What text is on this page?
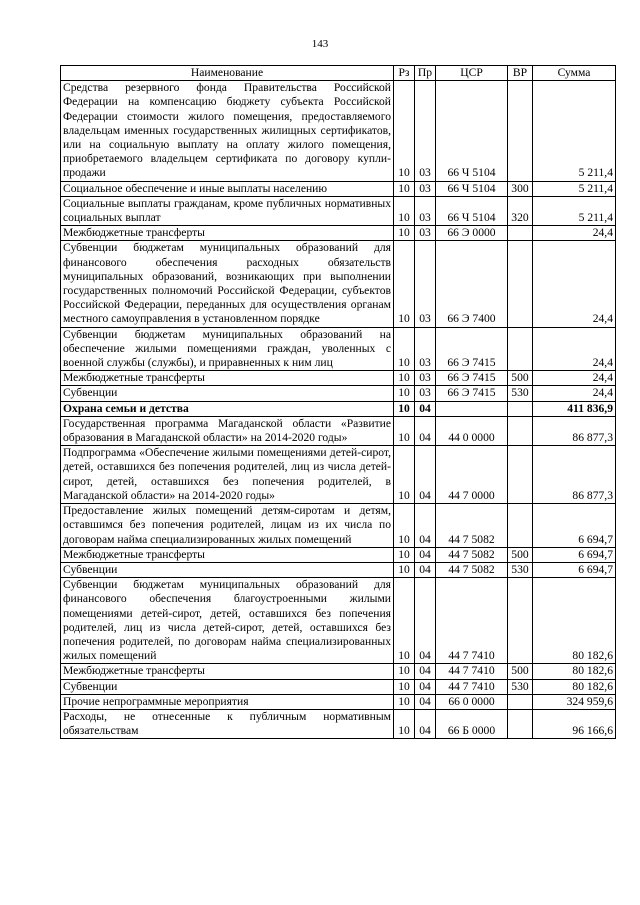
143
Наименование	Рз	Пр	ЦСР	ВР	Сумма
Средства резервного фонда Правительства Российской Федерации на компенсацию бюджету субъекта Российской Федерации стоимости жилого помещения, предоставляемого владельцам именных государственных жилищных сертификатов, или на социальную выплату на оплату жилого помещения, приобретаемого владельцем сертификата по договору купли-продажи	10	03	66 Ч 5104		5 211,4
Социальное обеспечение и иные выплаты населению	10	03	66 Ч 5104	300	5 211,4
Социальные выплаты гражданам, кроме публичных нормативных социальных выплат	10	03	66 Ч 5104	320	5 211,4
Межбюджетные трансферты	10	03	66 Э 0000		24,4
Субвенции бюджетам муниципальных образований для финансового обеспечения расходных обязательств муниципальных образований, возникающих при выполнении государственных полномочий Российской Федерации, субъектов Российской Федерации, переданных для осуществления органам местного самоуправления в установленном порядке	10	03	66 Э 7400		24,4
Субвенции бюджетам муниципальных образований на обеспечение жилыми помещениями граждан, уволенных с военной службы (службы), и приравненных к ним лиц	10	03	66 Э 7415		24,4
Межбюджетные трансферты	10	03	66 Э 7415	500	24,4
Субвенции	10	03	66 Э 7415	530	24,4
Охрана семьи и детства	10	04			411 836,9
Государственная программа Магаданской области «Развитие образования в Магаданской области» на 2014-2020 годы»	10	04	44 0 0000		86 877,3
Подпрограмма «Обеспечение жилыми помещениями детей-сирот, детей, оставшихся без попечения родителей, лиц из числа детей-сирот, детей, оставшихся без попечения родителей, в Магаданской области» на 2014-2020 годы»	10	04	44 7 0000		86 877,3
Предоставление жилых помещений детям-сиротам и детям, оставшимся без попечения родителей, лицам из их числа по договорам найма специализированных жилых помещений	10	04	44 7 5082		6 694,7
Межбюджетные трансферты	10	04	44 7 5082	500	6 694,7
Субвенции	10	04	44 7 5082	530	6 694,7
Субвенции бюджетам муниципальных образований для финансового обеспечения благоустроенными жилыми помещениями детей-сирот, детей, оставшихся без попечения родителей, лиц из числа детей-сирот, детей, оставшихся без попечения родителей, по договорам найма специализированных жилых помещений	10	04	44 7 7410		80 182,6
Межбюджетные трансферты	10	04	44 7 7410	500	80 182,6
Субвенции	10	04	44 7 7410	530	80 182,6
Прочие непрограммные мероприятия	10	04	66 0 0000		324 959,6
Расходы, не отнесенные к публичным нормативным обязательствам	10	04	66 Б 0000		96 166,6
